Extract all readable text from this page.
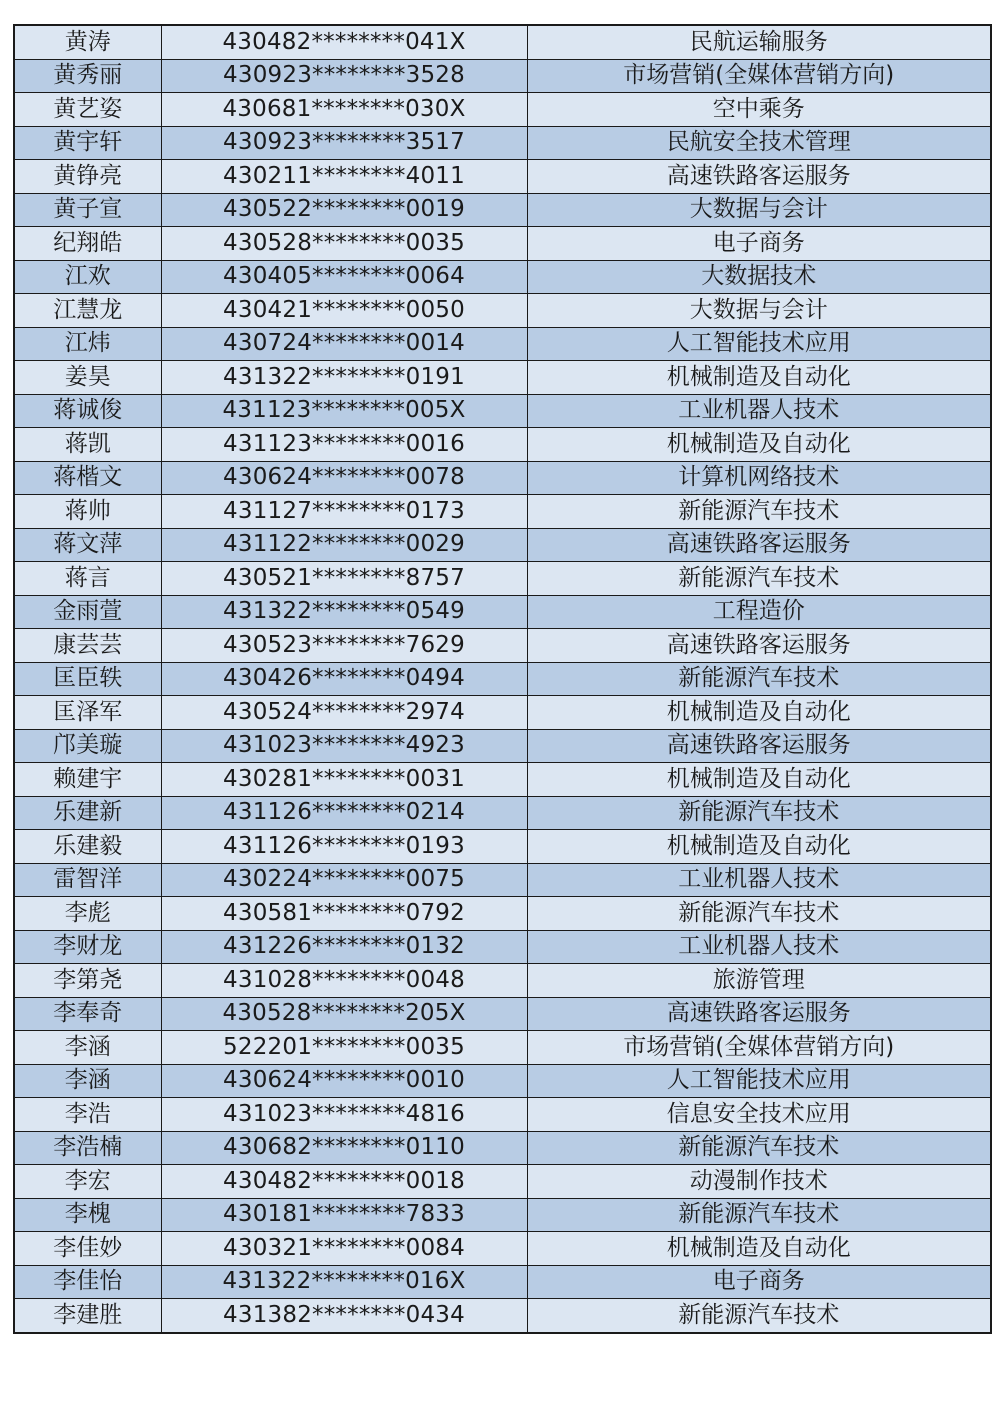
黄涛	430482********041X	民航运输服务
黄秀丽	430923********3528	市场营销(全媒体营销方向)
黄艺姿	430681********030X	空中乘务
黄宇轩	430923********3517	民航安全技术管理
黄铮亮	430211********4011	高速铁路客运服务
黄子宣	430522********0019	大数据与会计
纪翔皓	430528********0035	电子商务
江欢	430405********0064	大数据技术
江慧龙	430421********0050	大数据与会计
江炜	430724********0014	人工智能技术应用
姜昊	431322********0191	机械制造及自动化
蒋诚俊	431123********005X	工业机器人技术
蒋凯	431123********0016	机械制造及自动化
蒋楷文	430624********0078	计算机网络技术
蒋帅	431127********0173	新能源汽车技术
蒋文萍	431122********0029	高速铁路客运服务
蒋言	430521********8757	新能源汽车技术
金雨萱	431322********0549	工程造价
康芸芸	430523********7629	高速铁路客运服务
匡臣轶	430426********0494	新能源汽车技术
匡泽军	430524********2974	机械制造及自动化
邝美璇	431023********4923	高速铁路客运服务
赖建宇	430281********0031	机械制造及自动化
乐建新	431126********0214	新能源汽车技术
乐建毅	431126********0193	机械制造及自动化
雷智洋	430224********0075	工业机器人技术
李彪	430581********0792	新能源汽车技术
李财龙	431226********0132	工业机器人技术
李第尧	431028********0048	旅游管理
李奉奇	430528********205X	高速铁路客运服务
李涵	522201********0035	市场营销(全媒体营销方向)
李涵	430624********0010	人工智能技术应用
李浩	431023********4816	信息安全技术应用
李浩楠	430682********0110	新能源汽车技术
李宏	430482********0018	动漫制作技术
李槐	430181********7833	新能源汽车技术
李佳妙	430321********0084	机械制造及自动化
李佳怡	431322********016X	电子商务
李建胜	431382********0434	新能源汽车技术
